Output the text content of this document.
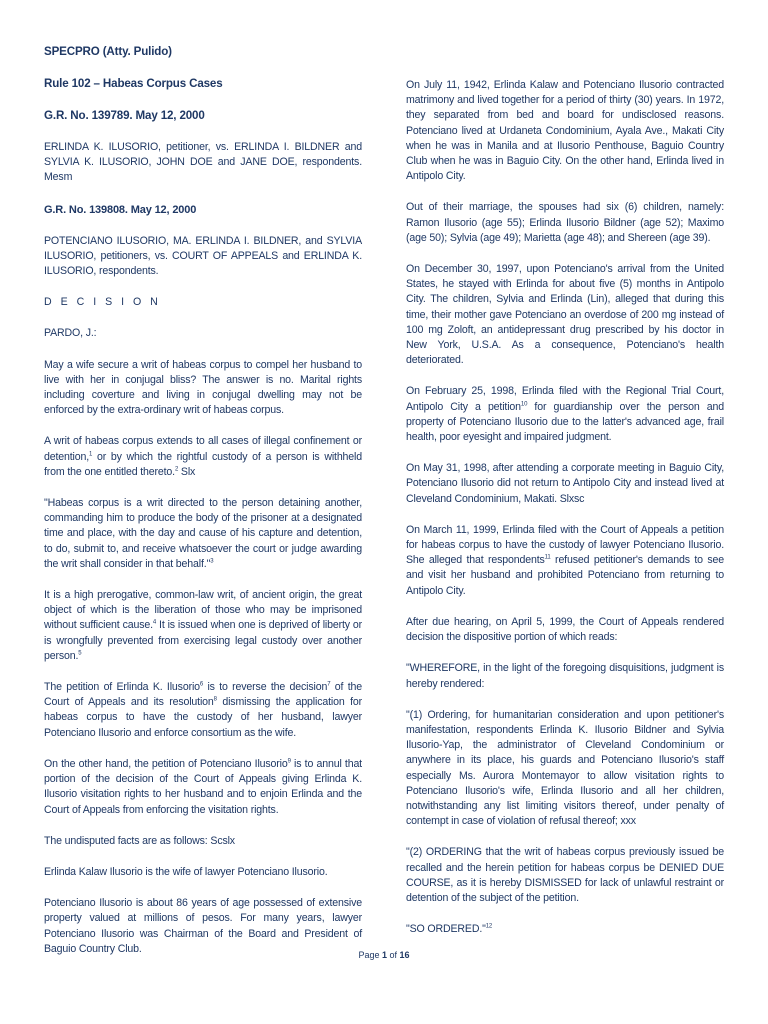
SPECPRO (Atty. Pulido)

Rule 102 – Habeas Corpus Cases

G.R. No. 139789. May 12, 2000

ERLINDA K. ILUSORIO, petitioner, vs. ERLINDA I. BILDNER and SYLVIA K. ILUSORIO, JOHN DOE and JANE DOE, respondents. Mesm

G.R. No. 139808. May 12, 2000

POTENCIANO ILUSORIO, MA. ERLINDA I. BILDNER, and SYLVIA ILUSORIO, petitioners, vs. COURT OF APPEALS and ERLINDA K. ILUSORIO, respondents.

D E C I S I O N

PARDO, J.:

May a wife secure a writ of habeas corpus to compel her husband to live with her in conjugal bliss? The answer is no. Marital rights including coverture and living in conjugal dwelling may not be enforced by the extra-ordinary writ of habeas corpus.

A writ of habeas corpus extends to all cases of illegal confinement or detention,$^1$ or by which the rightful custody of a person is withheld from the one entitled thereto.$^2$ Slx

"Habeas corpus is a writ directed to the person detaining another, commanding him to produce the body of the prisoner at a designated time and place, with the day and cause of his capture and detention, to do, submit to, and receive whatsoever the court or judge awarding the writ shall consider in that behalf."$^3$

It is a high prerogative, common-law writ, of ancient origin, the great object of which is the liberation of those who may be imprisoned without sufficient cause.$^4$ It is issued when one is deprived of liberty or is wrongfully prevented from exercising legal custody over another person.$^5$

The petition of Erlinda K. Ilusorio$^6$ is to reverse the decision$^7$ of the Court of Appeals and its resolution$^8$ dismissing the application for habeas corpus to have the custody of her husband, lawyer Potenciano Ilusorio and enforce consortium as the wife.

On the other hand, the petition of Potenciano Ilusorio$^9$ is to annul that portion of the decision of the Court of Appeals giving Erlinda K. Ilusorio visitation rights to her husband and to enjoin Erlinda and the Court of Appeals from enforcing the visitation rights.

The undisputed facts are as follows: Scslx

Erlinda Kalaw Ilusorio is the wife of lawyer Potenciano Ilusorio.

Potenciano Ilusorio is about 86 years of age possessed of extensive property valued at millions of pesos. For many years, lawyer Potenciano Ilusorio was Chairman of the Board and President of Baguio Country Club.

On July 11, 1942, Erlinda Kalaw and Potenciano Ilusorio contracted matrimony and lived together for a period of thirty (30) years. In 1972, they separated from bed and board for undisclosed reasons. Potenciano lived at Urdaneta Condominium, Ayala Ave., Makati City when he was in Manila and at Ilusorio Penthouse, Baguio Country Club when he was in Baguio City. On the other hand, Erlinda lived in Antipolo City.

Out of their marriage, the spouses had six (6) children, namely: Ramon Ilusorio (age 55); Erlinda Ilusorio Bildner (age 52); Maximo (age 50); Sylvia (age 49); Marietta (age 48); and Shereen (age 39).

On December 30, 1997, upon Potenciano's arrival from the United States, he stayed with Erlinda for about five (5) months in Antipolo City. The children, Sylvia and Erlinda (Lin), alleged that during this time, their mother gave Potenciano an overdose of 200 mg instead of 100 mg Zoloft, an antidepressant drug prescribed by his doctor in New York, U.S.A. As a consequence, Potenciano's health deteriorated.

On February 25, 1998, Erlinda filed with the Regional Trial Court, Antipolo City a petition$^{10}$ for guardianship over the person and property of Potenciano Ilusorio due to the latter's advanced age, frail health, poor eyesight and impaired judgment.

On May 31, 1998, after attending a corporate meeting in Baguio City, Potenciano Ilusorio did not return to Antipolo City and instead lived at Cleveland Condominium, Makati. Slxsc

On March 11, 1999, Erlinda filed with the Court of Appeals a petition for habeas corpus to have the custody of lawyer Potenciano Ilusorio. She alleged that respondents$^{11}$ refused petitioner's demands to see and visit her husband and prohibited Potenciano from returning to Antipolo City.

After due hearing, on April 5, 1999, the Court of Appeals rendered decision the dispositive portion of which reads:

"WHEREFORE, in the light of the foregoing disquisitions, judgment is hereby rendered:

"(1) Ordering, for humanitarian consideration and upon petitioner's manifestation, respondents Erlinda K. Ilusorio Bildner and Sylvia Ilusorio-Yap, the administrator of Cleveland Condominium or anywhere in its place, his guards and Potenciano Ilusorio's staff especially Ms. Aurora Montemayor to allow visitation rights to Potenciano Ilusorio's wife, Erlinda Ilusorio and all her children, notwithstanding any list limiting visitors thereof, under penalty of contempt in case of violation of refusal thereof; xxx

"(2) ORDERING that the writ of habeas corpus previously issued be recalled and the herein petition for habeas corpus be DENIED DUE COURSE, as it is hereby DISMISSED for lack of unlawful restraint or detention of the subject of the petition.

"SO ORDERED."$^{12}$

Page 1 of 16
